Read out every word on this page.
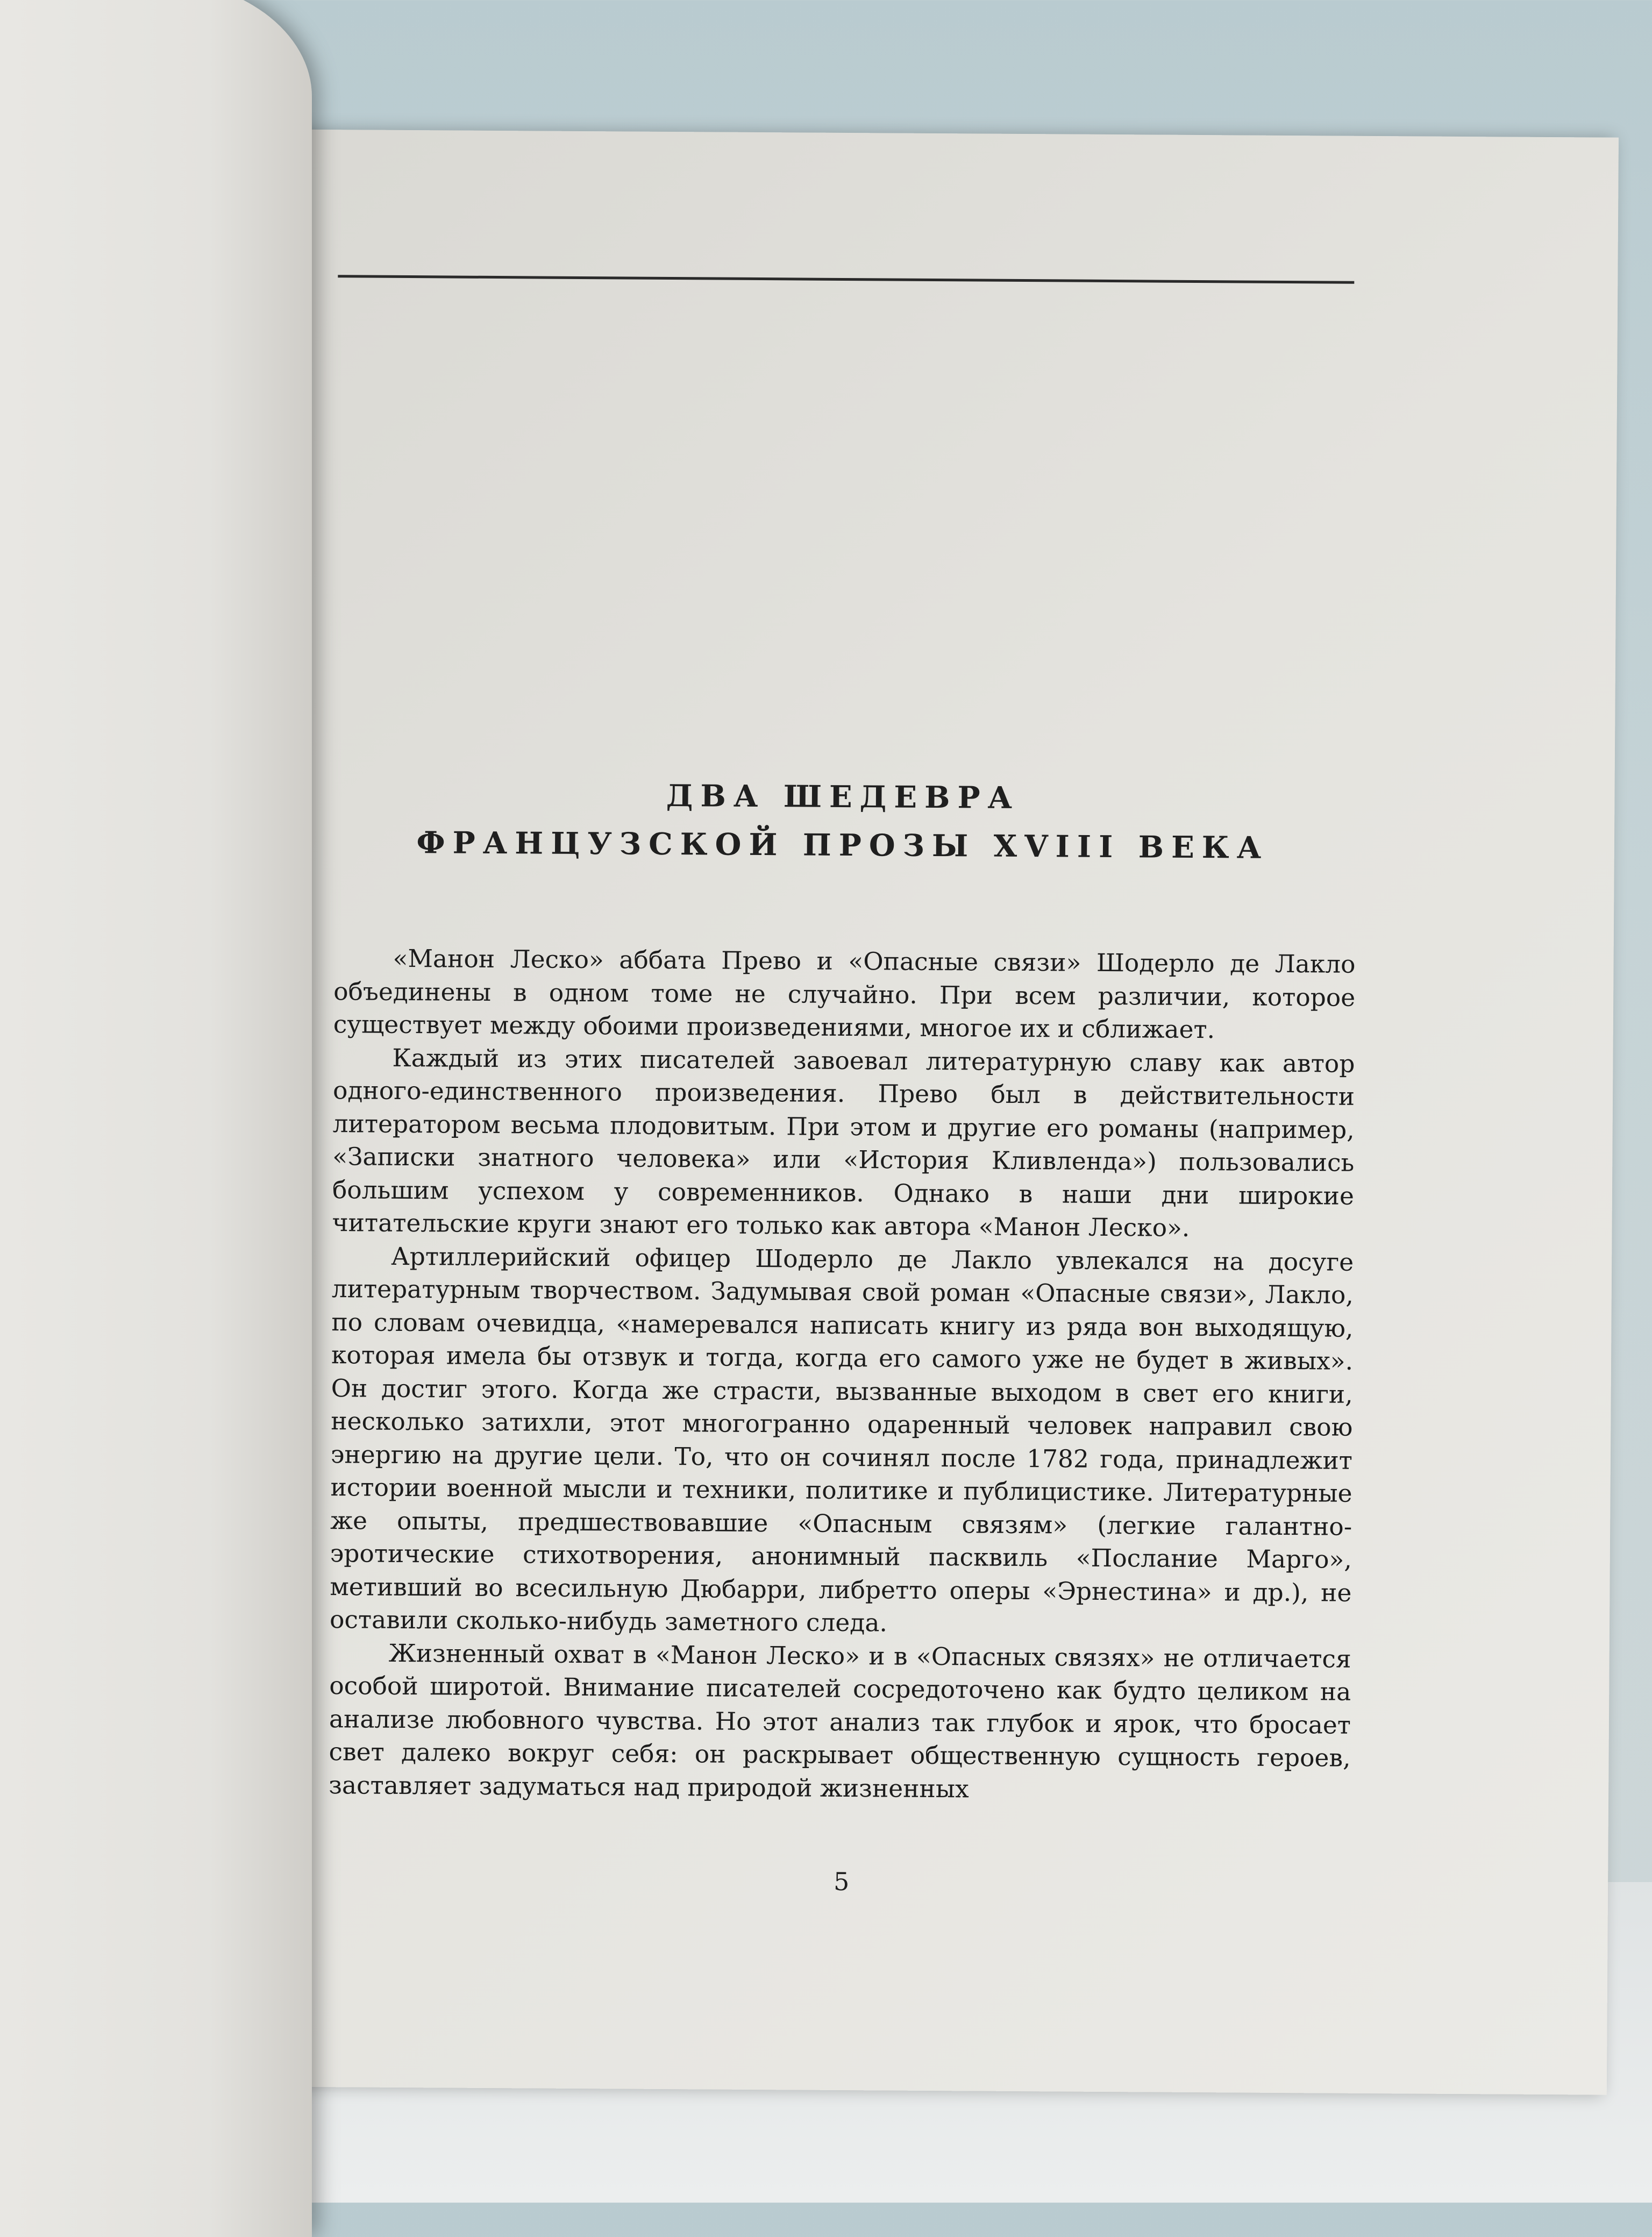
ДВА ШЕДЕВРА
ФРАНЦУЗСКОЙ ПРОЗЫ XVIII ВЕКА

«Манон Леско» аббата Прево и «Опасные связи» Шодерло де Лакло объединены в одном томе не случайно. При всем различии, которое существует между обоими произведениями, многое их и сближает.

Каждый из этих писателей завоевал литературную славу как автор одного-единственного произведения. Прево был в действительности литератором весьма плодовитым. При этом и другие его романы (например, «Записки знатного человека» или «История Кливленда») пользовались большим успехом у современников. Однако в наши дни широкие читательские круги знают его только как автора «Манон Леско».

Артиллерийский офицер Шодерло де Лакло увлекался на досуге литературным творчеством. Задумывая свой роман «Опасные связи», Лакло, по словам очевидца, «намеревался написать книгу из ряда вон выходящую, которая имела бы отзвук и тогда, когда его самого уже не будет в живых». Он достиг этого. Когда же страсти, вызванные выходом в свет его книги, несколько затихли, этот многогранно одаренный человек направил свою энергию на другие цели. То, что он сочинял после 1782 года, принадлежит истории военной мысли и техники, политике и публицистике. Литературные же опыты, предшествовавшие «Опасным связям» (легкие галантно-эротические стихотворения, анонимный пасквиль «Послание Марго», метивший во всесильную Дюбарри, либретто оперы «Эрнестина» и др.), не оставили сколько-нибудь заметного следа.

Жизненный охват в «Манон Леско» и в «Опасных связях» не отличается особой широтой. Внимание писателей сосредоточено как будто целиком на анализе любовного чувства. Но этот анализ так глубок и ярок, что бросает свет далеко вокруг себя: он раскрывает общественную сущность героев, заставляет задуматься над природой жизненных

5
